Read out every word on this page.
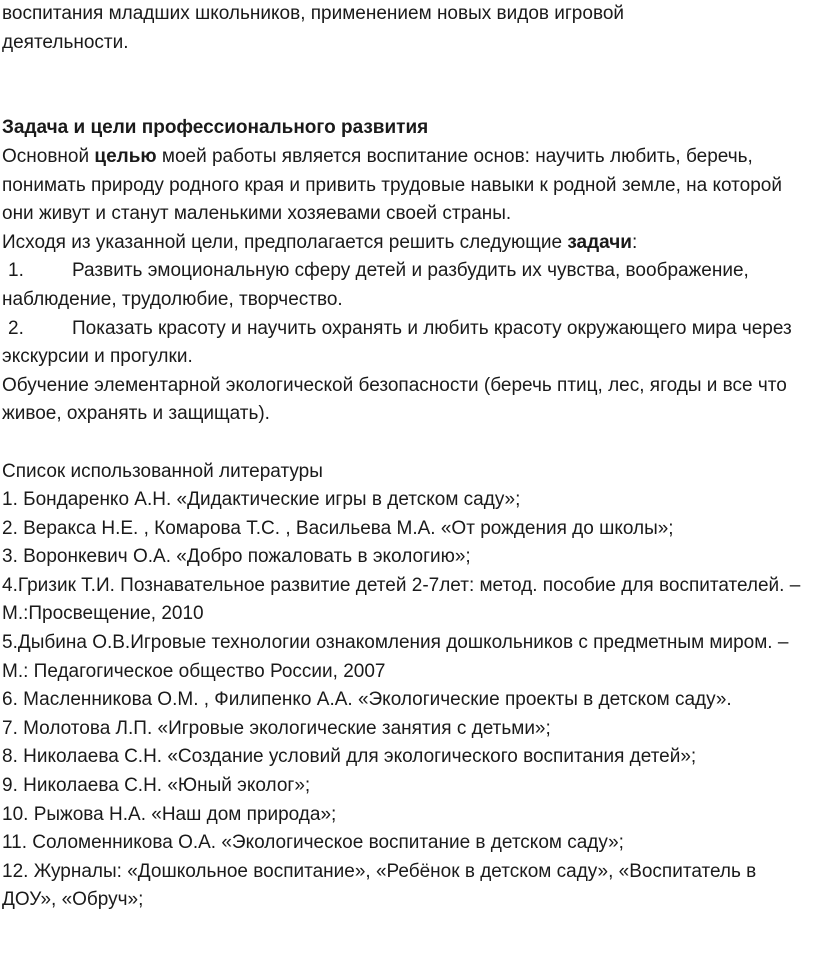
воспитания младших школьников, применением новых видов игровой

деятельности.

Задача и цели профессионального развития

Основной целью моей работы является воспитание основ: научить любить, беречь, понимать природу родного края и привить трудовые навыки к родной земле, на которой они живут и станут маленькими хозяевами своей страны.

Исходя из указанной цели, предполагается решить следующие задачи:

1.	Развить эмоциональную сферу детей и разбудить их чувства, воображение, наблюдение, трудолюбие, творчество.

2.	Показать красоту и научить охранять и любить красоту окружающего мира через экскурсии и прогулки.

Обучение элементарной экологической безопасности (беречь птиц, лес, ягоды и все что живое, охранять и защищать).

Список использованной литературы

1. Бондаренко А.Н. «Дидактические игры в детском саду»;

2. Веракса Н.Е. , Комарова Т.С. , Васильева М.А. «От рождения до школы»;

3. Воронкевич О.А. «Добро пожаловать в экологию»;

4.Гризик Т.И. Познавательное развитие детей 2-7лет: метод. пособие для воспитателей. – М.:Просвещение, 2010

5.Дыбина О.В.Игровые технологии ознакомления дошкольников с предметным миром. – М.: Педагогическое общество России, 2007

6. Масленникова О.М. , Филипенко А.А. «Экологические проекты в детском саду».

7. Молотова Л.П. «Игровые экологические занятия с детьми»;

8. Николаева С.Н. «Создание условий для экологического воспитания детей»;

9. Николаева С.Н. «Юный эколог»;

10. Рыжова Н.А. «Наш дом природа»;

11. Соломенникова О.А. «Экологическое воспитание в детском саду»;

12. Журналы: «Дошкольное воспитание», «Ребёнок в детском саду», «Воспитатель в ДОУ», «Обруч»;
